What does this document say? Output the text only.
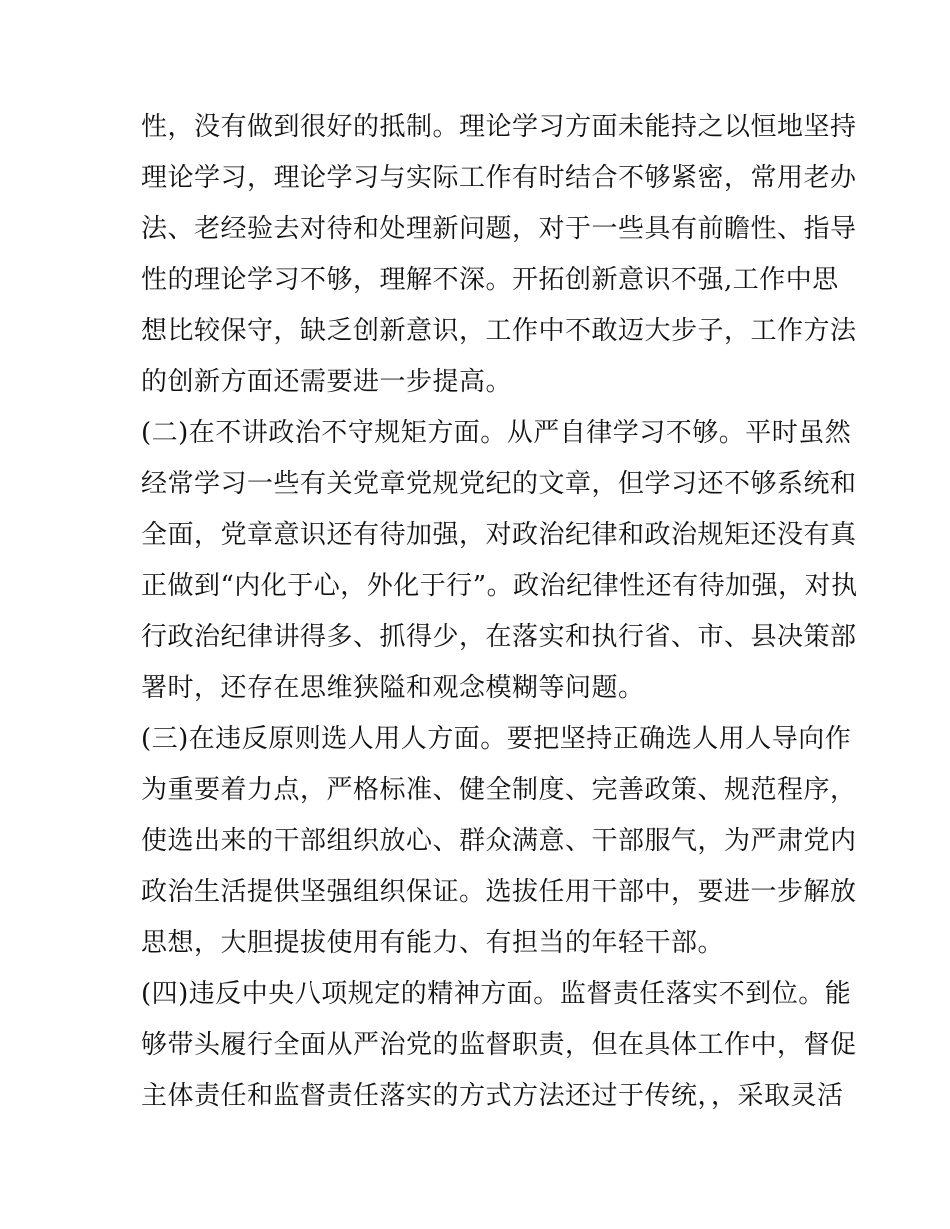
性，没有做到很好的抵制。理论学习方面未能持之以恒地坚持
理论学习，理论学习与实际工作有时结合不够紧密，常用老办
法、老经验去对待和处理新问题，对于一些具有前瞻性、指导
性的理论学习不够，理解不深。开拓创新意识不强,工作中思
想比较保守，缺乏创新意识，工作中不敢迈大步子，工作方法
的创新方面还需要进一步提高。
(二)在不讲政治不守规矩方面。从严自律学习不够。平时虽然
经常学习一些有关党章党规党纪的文章，但学习还不够系统和
全面，党章意识还有待加强，对政治纪律和政治规矩还没有真
正做到“内化于心，外化于行”。政治纪律性还有待加强，对执
行政治纪律讲得多、抓得少，在落实和执行省、市、县决策部
署时，还存在思维狭隘和观念模糊等问题。
(三)在违反原则选人用人方面。要把坚持正确选人用人导向作
为重要着力点，严格标准、健全制度、完善政策、规范程序，
使选出来的干部组织放心、群众满意、干部服气，为严肃党内
政治生活提供坚强组织保证。选拔任用干部中，要进一步解放
思想，大胆提拔使用有能力、有担当的年轻干部。
(四)违反中央八项规定的精神方面。监督责任落实不到位。能
够带头履行全面从严治党的监督职责，但在具体工作中，督促
主体责任和监督责任落实的方式方法还过于传统，，采取灵活
